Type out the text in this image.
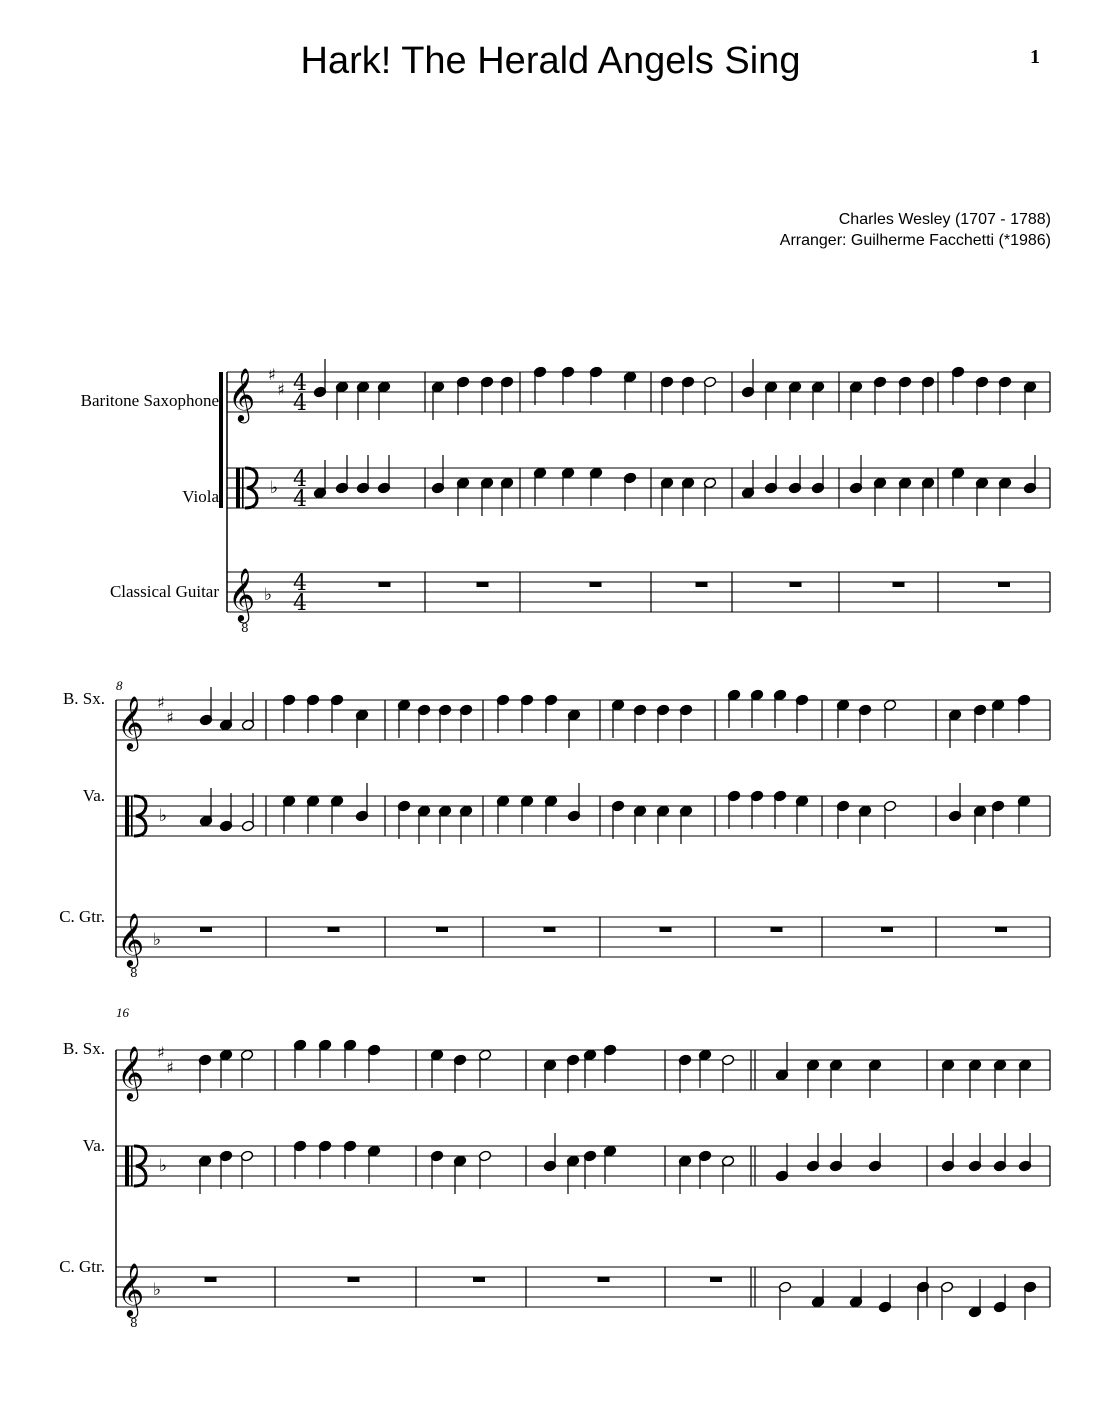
Hark! The Herald Angels Sing	1
Charles Wesley (1707 - 1788)
Arranger: Guilherme Facchetti (*1986)
Baritone Saxophone
Viola
Classical Guitar
B. Sx.
Va.
C. Gtr.
B. Sx.
Va.
C. Gtr.
8
16
𝄞 ♯
♯ 4
4
♭ 4
4
𝄞 ♭ 4
4
8
𝄞 ♯
♯
♭
𝄞 ♭
8
𝄞 ♯
♯
♭
𝄞 ♭
8
